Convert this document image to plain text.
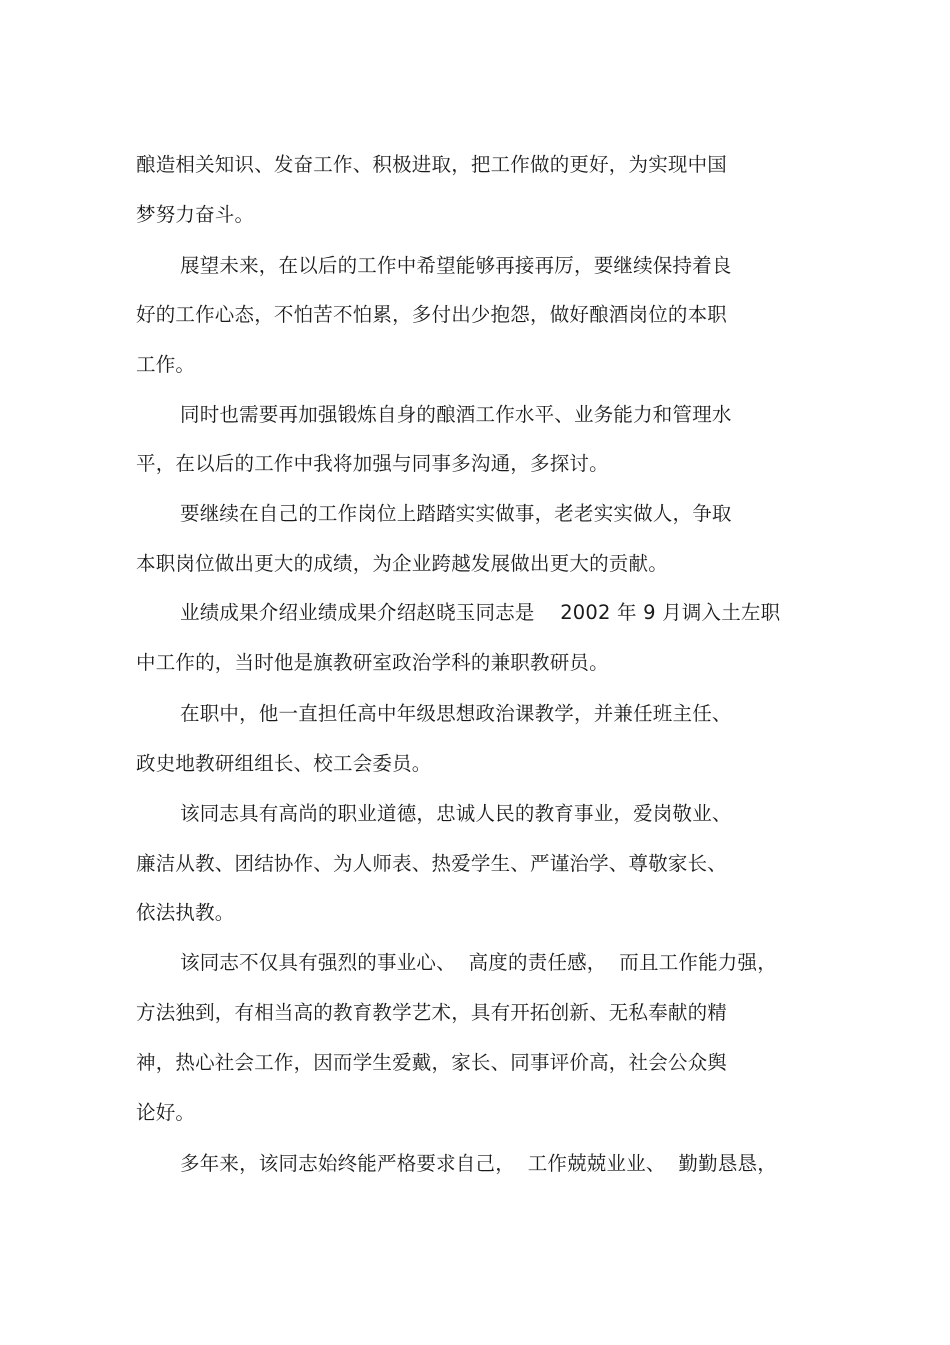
酿造相关知识、发奋工作、积极进取，把工作做的更好，为实现中国
梦努力奋斗。
展望未来，在以后的工作中希望能够再接再厉，要继续保持着良
好的工作心态，不怕苦不怕累，多付出少抱怨，做好酿酒岗位的本职
工作。
同时也需要再加强锻炼自身的酿酒工作水平、业务能力和管理水
平，在以后的工作中我将加强与同事多沟通，多探讨。
要继续在自己的工作岗位上踏踏实实做事，老老实实做人，争取
本职岗位做出更大的成绩，为企业跨越发展做出更大的贡献。
业绩成果介绍业绩成果介绍赵晓玉同志是    2002 年 9 月调入土左职
中工作的，当时他是旗教研室政治学科的兼职教研员。
在职中，他一直担任高中年级思想政治课教学，并兼任班主任、
政史地教研组组长、校工会委员。
该同志具有高尚的职业道德，忠诚人民的教育事业，爱岗敬业、
廉洁从教、团结协作、为人师表、热爱学生、严谨治学、尊敬家长、
依法执教。
该同志不仅具有强烈的事业心、  高度的责任感，  而且工作能力强，
方法独到，有相当高的教育教学艺术，具有开拓创新、无私奉献的精
神，热心社会工作，因而学生爱戴，家长、同事评价高，社会公众舆
论好。
多年来，该同志始终能严格要求自己，  工作兢兢业业、  勤勤恳恳，
